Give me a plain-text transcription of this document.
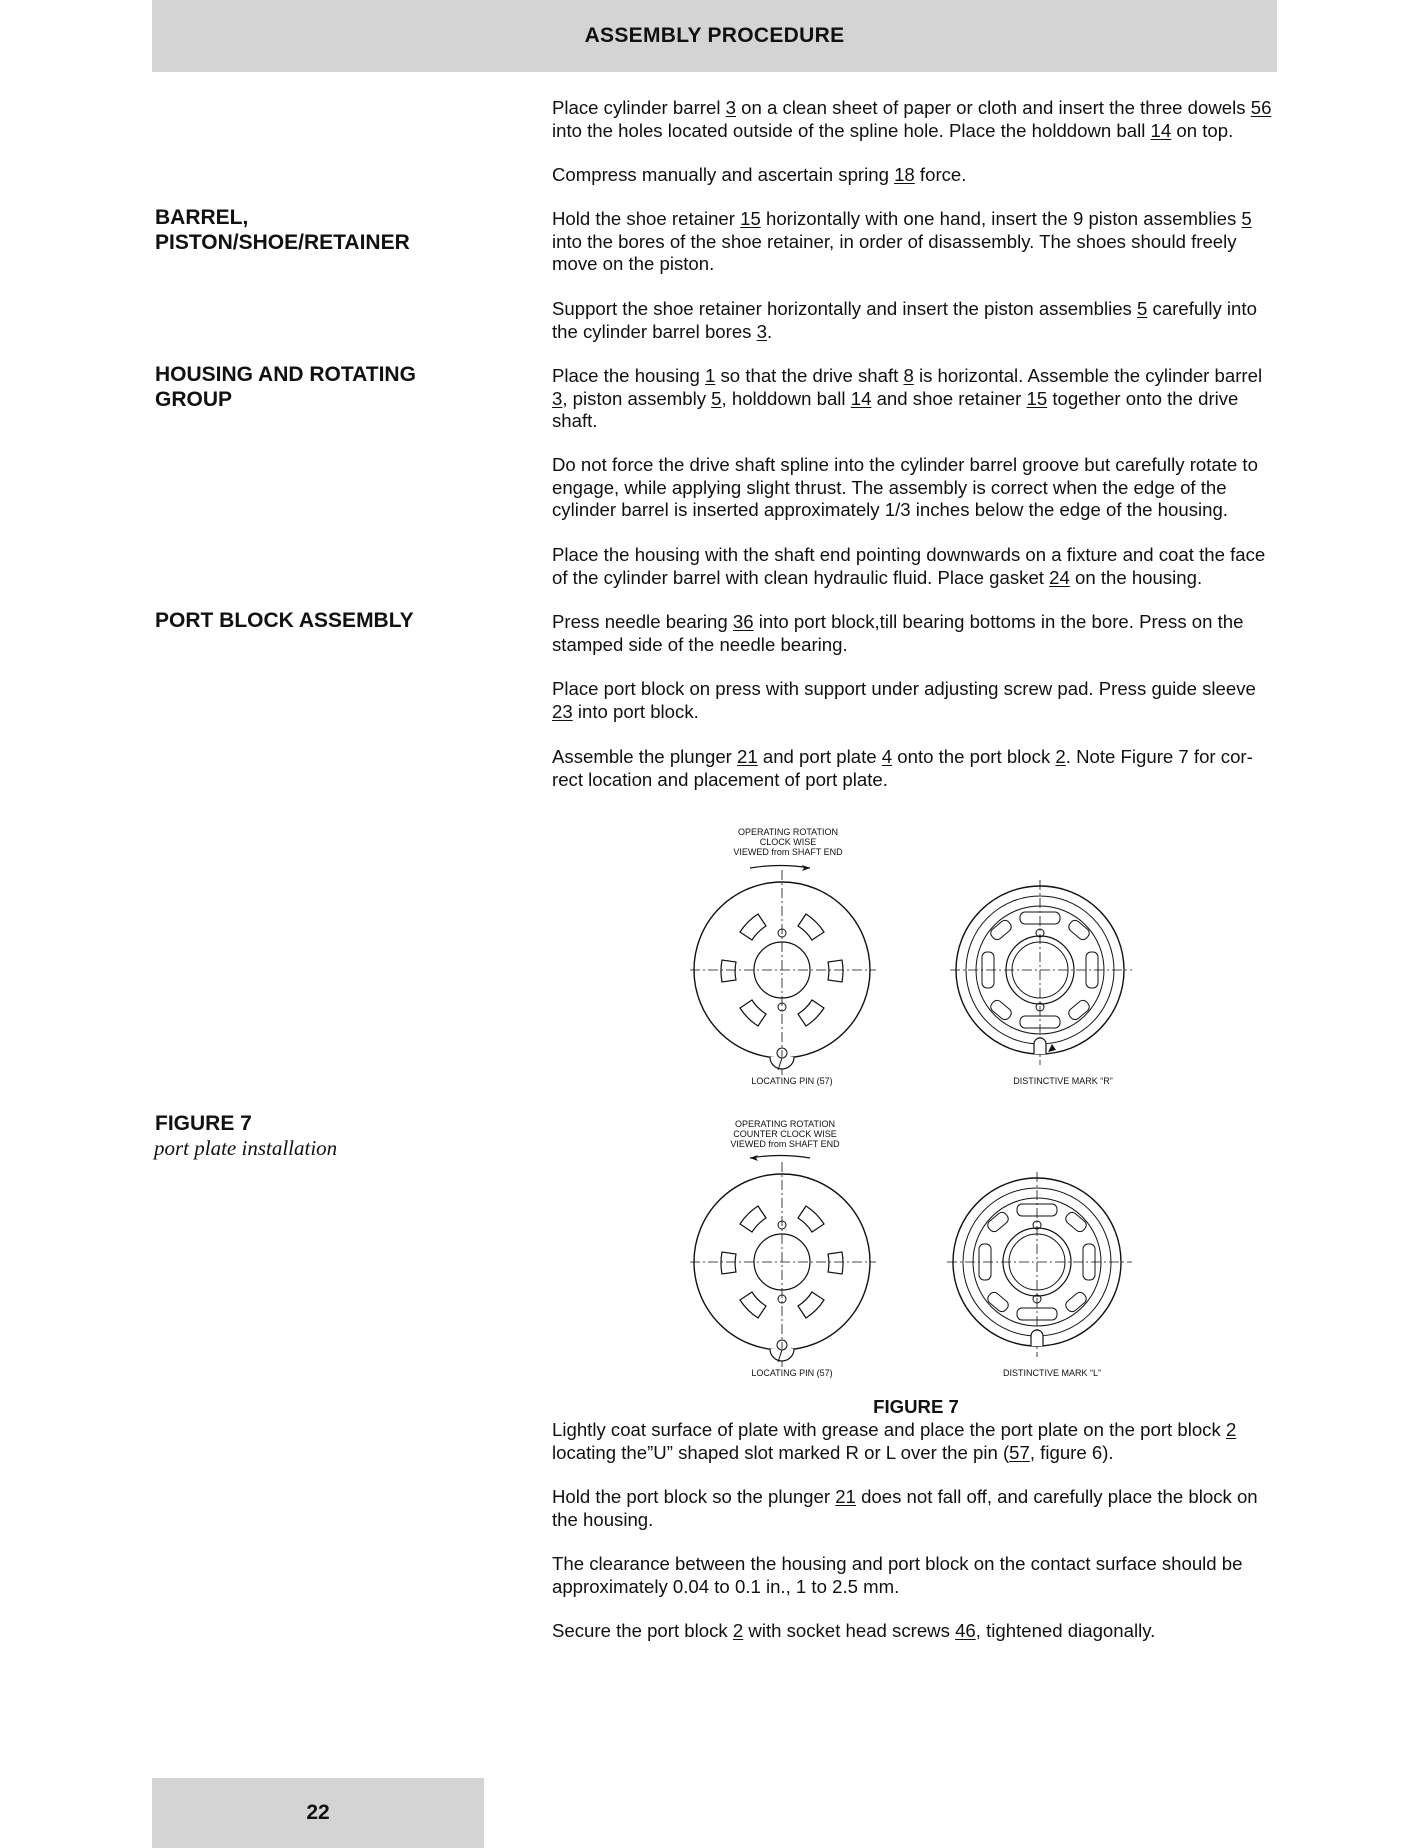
ASSEMBLY PROCEDURE
BARREL,
PISTON/SHOE/RETAINER
HOUSING AND ROTATING
GROUP
PORT BLOCK ASSEMBLY
FIGURE 7
port plate installation

Place cylinder barrel 3 on a clean sheet of paper or cloth and insert the three dowels 56 into the holes located outside of the spline hole. Place the holddown ball 14 on top.

Compress manually and ascertain spring 18 force.

Hold the shoe retainer 15 horizontally with one hand, insert the 9 piston assemblies 5 into the bores of the shoe retainer, in order of disassembly. The shoes should freely move on the piston.

Support the shoe retainer horizontally and insert the piston assemblies 5 carefully into the cylinder barrel bores 3.

Place the housing 1 so that the drive shaft 8 is horizontal. Assemble the cylinder barrel 3, piston assembly 5, holddown ball 14 and shoe retainer 15 together onto the drive shaft.

Do not force the drive shaft spline into the cylinder barrel groove but carefully rotate to engage, while applying slight thrust. The assembly is correct when the edge of the cylinder barrel is inserted approximately 1/3 inches below the edge of the housing.

Place the housing with the shaft end pointing downwards on a fixture and coat the face of the cylinder barrel with clean hydraulic fluid. Place gasket 24 on the housing.

Press needle bearing 36 into port block,till bearing bottoms in the bore. Press on the stamped side of the needle bearing.

Place port block on press with support under adjusting screw pad. Press guide sleeve 23 into port block.

Assemble the plunger 21 and port plate 4 onto the port block 2. Note Figure 7 for cor-rect location and placement of port plate.

OPERATING ROTATION
CLOCK WISE
VIEWED from SHAFT END
LOCATING PIN (57)	DISTINCTIVE MARK “R”
OPERATING ROTATION
COUNTER CLOCK WISE
VIEWED from SHAFT END
LOCATING PIN (57)	DISTINCTIVE MARK “L”
FIGURE 7

Lightly coat surface of plate with grease and place the port plate on the port block 2 locating the”U” shaped slot marked R or L over the pin (57, figure 6).

Hold the port block so the plunger 21 does not fall off, and carefully place the block on the housing.

The clearance between the housing and port block on the contact surface should be approximately 0.04 to 0.1 in., 1 to 2.5 mm.

Secure the port block 2 with socket head screws 46, tightened diagonally.

22
